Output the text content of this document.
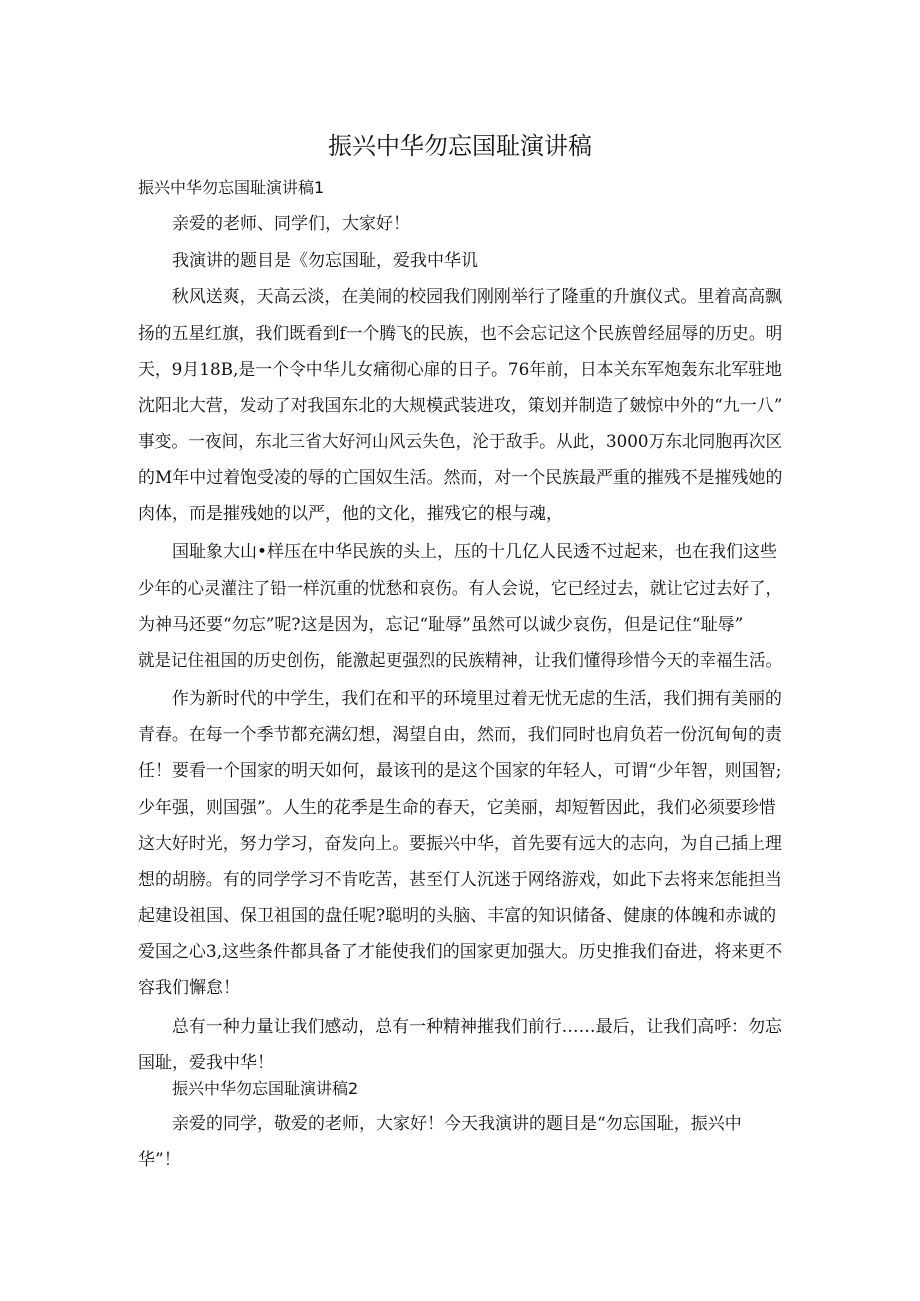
振兴中华勿忘国耻演讲稿
振兴中华勿忘国耻演讲稿1
　　亲爱的老师、同学们，大家好！
　　我演讲的题目是《勿忘国耻，爱我中华讥
　　秋风送爽，天高云淡，在美闹的校园我们刚刚举行了隆重的升旗仪式。里着高高飘
扬的五星红旗，我们既看到f一个腾飞的民族，也不会忘记这个民族曾经屈辱的历史。明
天，9月18B,是一个令中华儿女痛彻心扉的日子。76年前，日本关东军炮轰东北军驻地
沈阳北大营，发动了对我国东北的大规模武装进攻，策划并制造了皴惊中外的“九一八”
事变。一夜间，东北三省大好河山风云失色，沦于敌手。从此，3000万东北同胞再次区
的M年中过着饱受凌的辱的亡国奴生活。然而，对一个民族最严重的摧残不是摧残她的
肉体，而是摧残她的以严，他的文化，摧残它的根与魂，
　　国耻象大山•样压在中华民族的头上，压的十几亿人民透不过起来，也在我们这些
少年的心灵灌注了铅一样沉重的忧愁和哀伤。有人会说，它已经过去，就让它过去好了，
为神马还要“勿忘”呢?这是因为，忘记“耻辱”虽然可以诚少哀伤，但是记住“耻辱”
就是记住祖国的历史创伤，能激起更强烈的民族精神，让我们懂得珍惜今天的幸福生活。
　　作为新时代的中学生，我们在和平的环境里过着无忧无虑的生活，我们拥有美丽的
青春。在每一个季节都充满幻想，渴望自由，然而，我们同时也肩负若一份沉甸甸的责
任！要看一个国家的明天如何，最该刊的是这个国家的年轻人，可谓“少年智，则国智;
少年强，则国强”。人生的花季是生命的春天，它美丽，却短暂因此，我们必须要珍惜
这大好时光，努力学习，奋发向上。要振兴中华，首先要有远大的志向，为自己插上理
想的胡膀。有的同学学习不肯吃苦，甚至仃人沉迷于网络游戏，如此下去将来怎能担当
起建设祖国、保卫祖国的盘任呢?聪明的头脑、丰富的知识储备、健康的体魄和赤诚的
爱国之心3,这些条件都具备了才能使我们的国家更加强大。历史推我们奋进，将来更不
容我们懈怠！
　　总有一种力量让我们感动，总有一种精神摧我们前行……最后，让我们高呼：勿忘
国耻，爱我中华！
振兴中华勿忘国耻演讲稿2
　　亲爱的同学，敬爱的老师，大家好！今天我演讲的题目是“勿忘国耻，振兴中
华”！
